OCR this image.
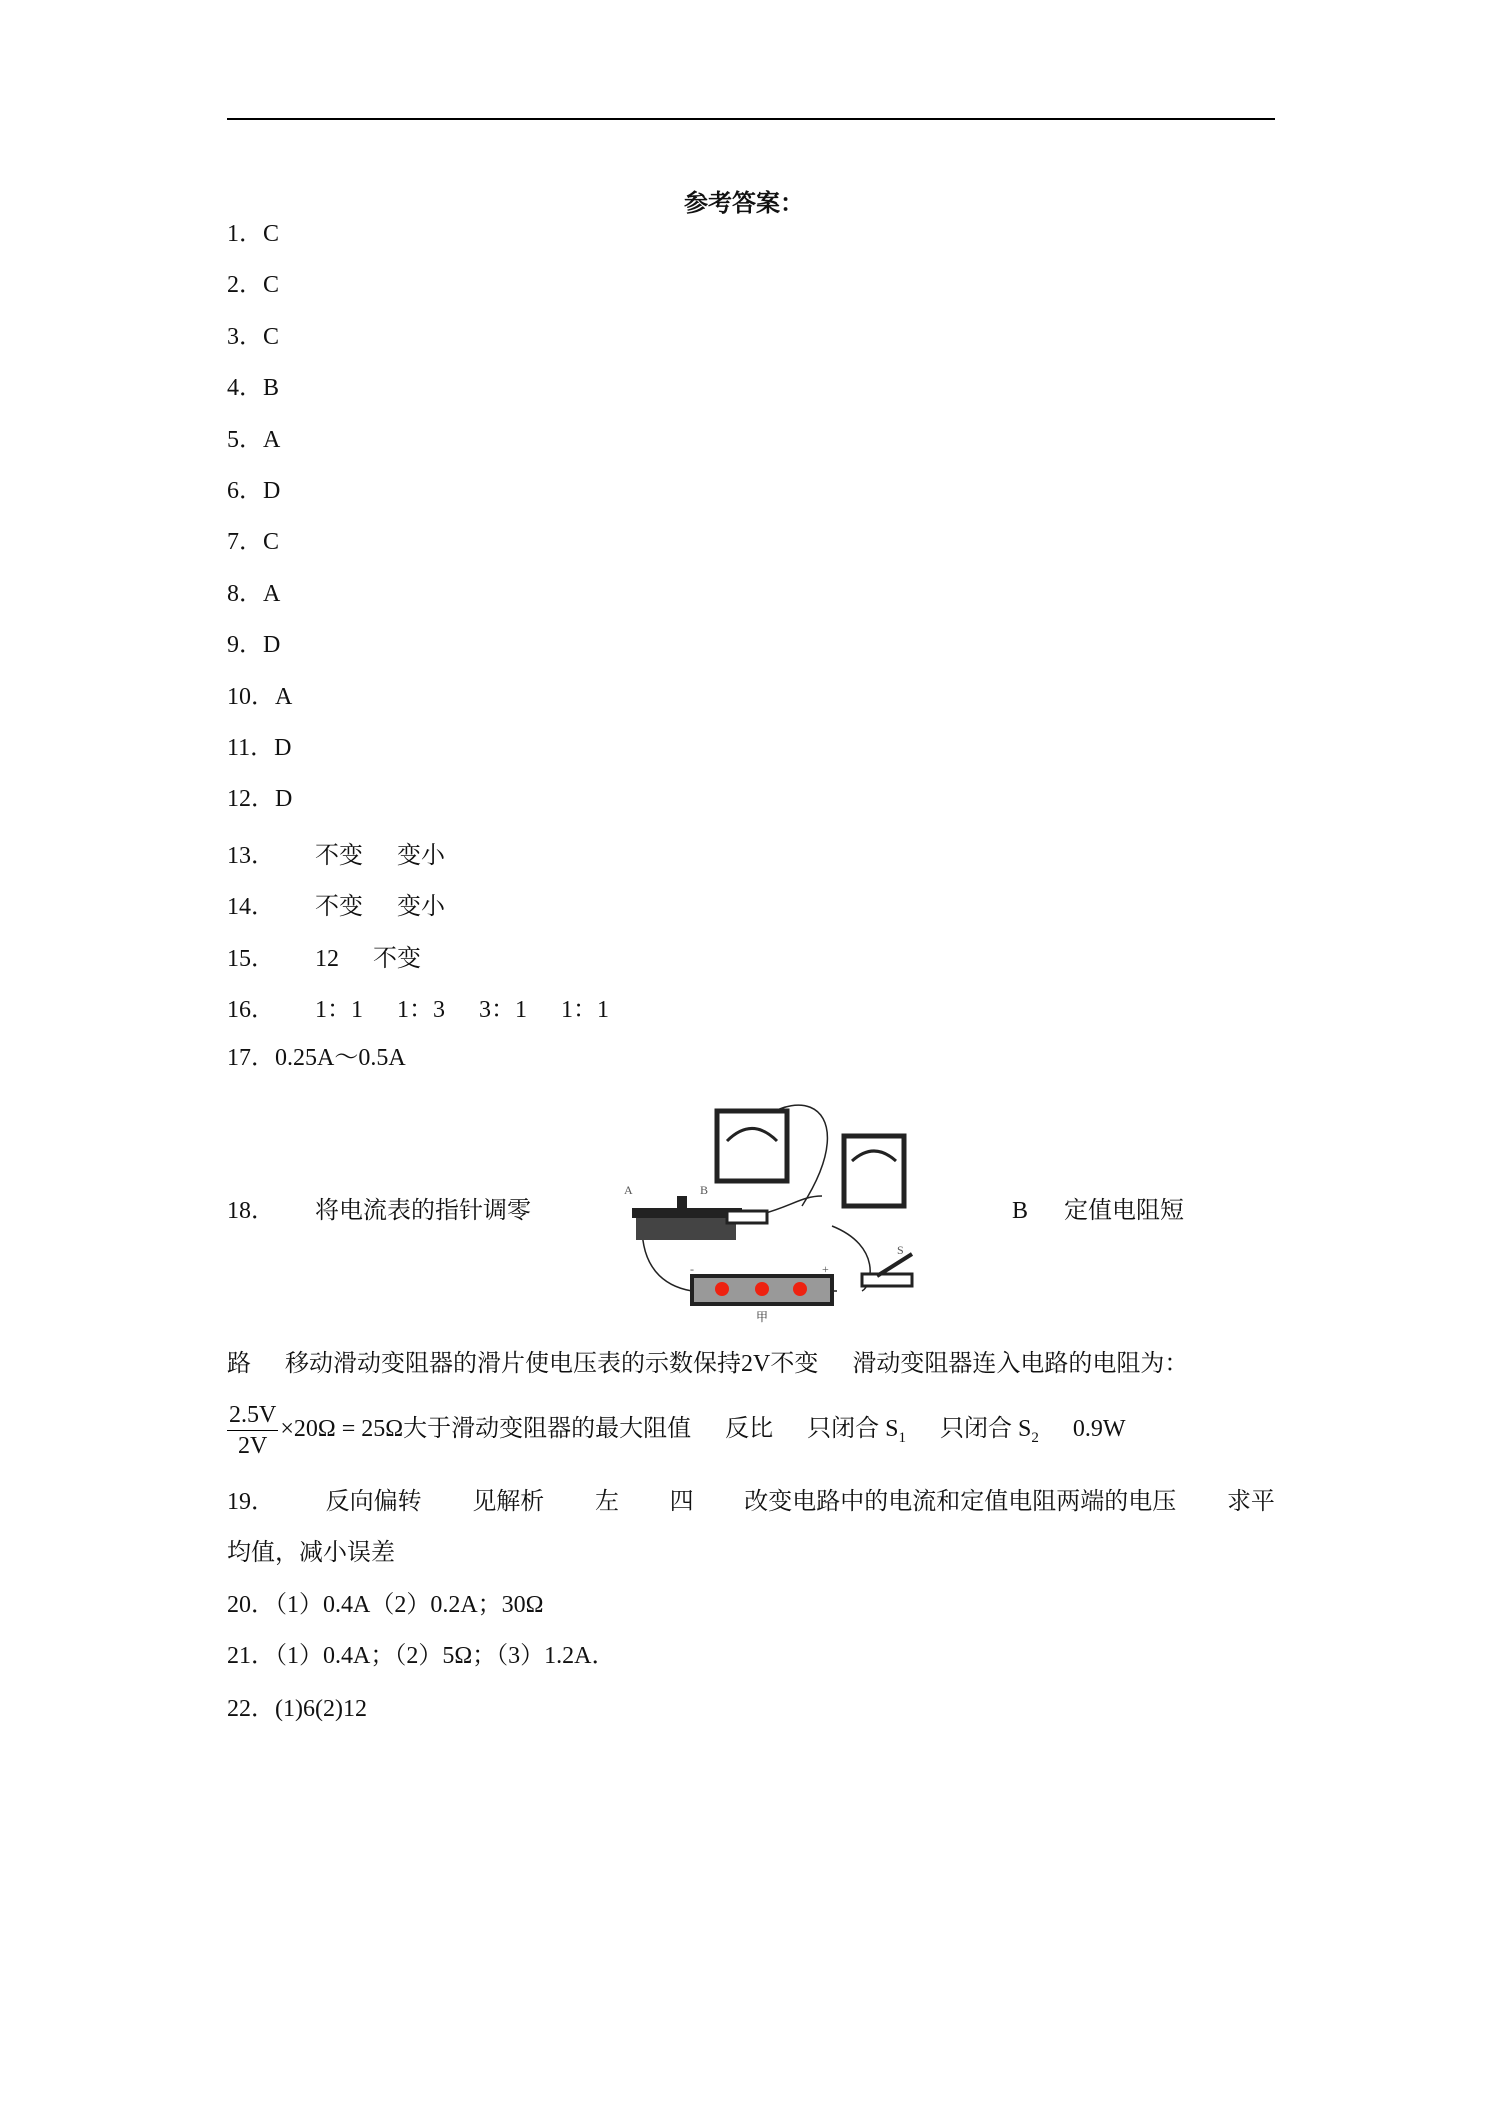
参考答案：
1．C
2．C
3．C
4．B
5．A
6．D
7．C
8．A
9．D
10．A
11．D
12．D
13． 不变 变小
14． 不变 变小
15． 12 不变
16． 1：1 1：3 3：1 1：1
17．0.25A～0.5A
18． 将电流表的指针调零	B 定值电阻短
A	B
-	+
甲
S
路 移动滑动变阻器的滑片使电压表的示数保持2V不变 滑动变阻器连入电路的电阻为：
$\frac{2.5V}{2V} \times 20\Omega = 25\Omega$大于滑动变阻器的最大阻值 反比 只闭合 $S_1$ 只闭合 $S_2$ 0.9W
19． 反向偏转 见解析 左 四 改变电路中的电流和定值电阻两端的电压 求平
均值，减小误差
20．（1）0.4A（2）0.2A；30Ω
21．（1）0.4A；（2）5Ω；（3）1.2A．
22．(1)6(2)12
